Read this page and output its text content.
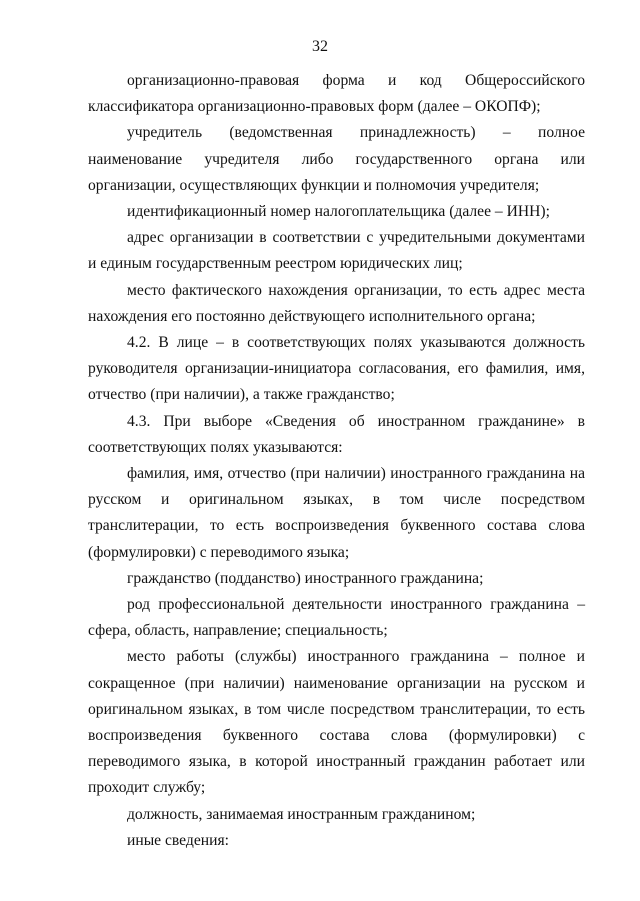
32

организационно-правовая форма и код Общероссийского классификатора организационно-правовых форм (далее – ОКОПФ);

учредитель (ведомственная принадлежность) – полное наименование учредителя либо государственного органа или организации, осуществляющих функции и полномочия учредителя;

идентификационный номер налогоплательщика (далее – ИНН);

адрес организации в соответствии с учредительными документами и единым государственным реестром юридических лиц;

место фактического нахождения организации, то есть адрес места нахождения его постоянно действующего исполнительного органа;

4.2. В лице – в соответствующих полях указываются должность руководителя организации-инициатора согласования, его фамилия, имя, отчество (при наличии), а также гражданство;

4.3. При выборе «Сведения об иностранном гражданине» в соответствующих полях указываются:

фамилия, имя, отчество (при наличии) иностранного гражданина на русском и оригинальном языках, в том числе посредством транслитерации, то есть воспроизведения буквенного состава слова (формулировки) с переводимого языка;

гражданство (подданство) иностранного гражданина;

род профессиональной деятельности иностранного гражданина – сфера, область, направление; специальность;

место работы (службы) иностранного гражданина – полное и сокращенное (при наличии) наименование организации на русском и оригинальном языках, в том числе посредством транслитерации, то есть воспроизведения буквенного состава слова (формулировки) с переводимого языка, в которой иностранный гражданин работает или проходит службу;

должность, занимаемая иностранным гражданином;

иные сведения:
